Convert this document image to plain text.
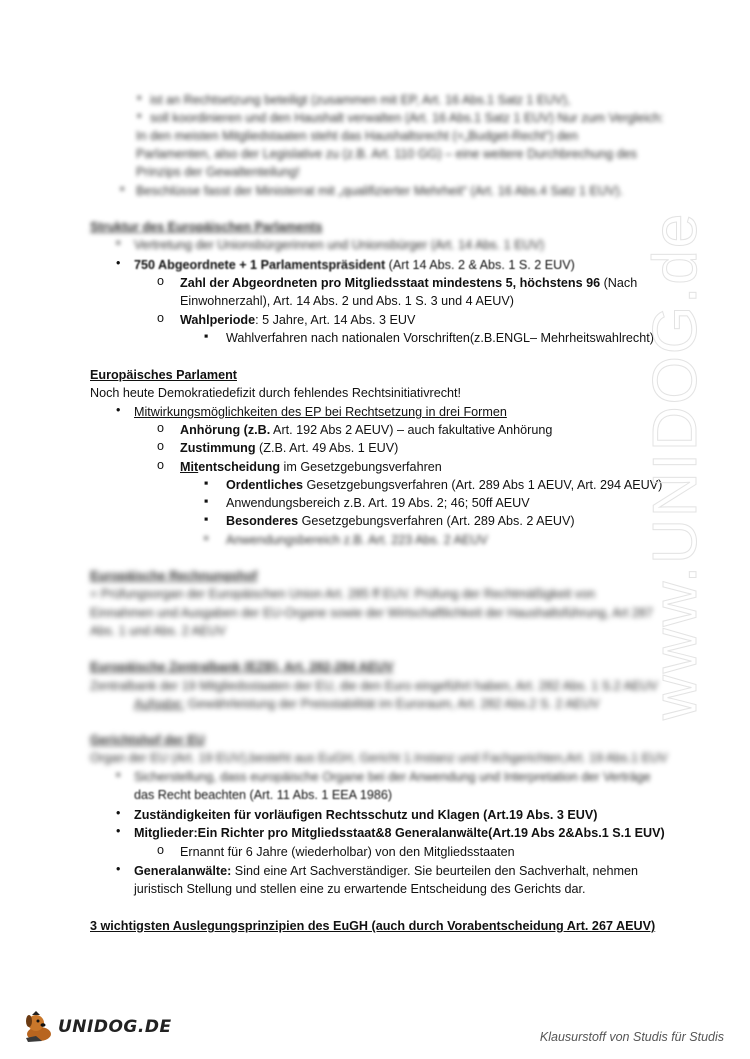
• ist an Rechtsetzung beteiligt (zusammen mit EP, Art. 16 Abs.1 Satz 1 EUV),
• soll koordinieren und den Haushalt verwalten (Art. 16 Abs.1 Satz 1 EUV) Nur zum Vergleich:
In den meisten Mitgliedstaaten steht das Haushaltsrecht (=„Budget-Recht“) den
Parlamenten, also der Legislative zu (z.B. Art. 110 GG) – eine weitere Durchbrechung des
Prinzips der Gewaltenteilung!
• Beschlüsse fasst der Ministerrat mit „qualifizierter Mehrheit“ (Art. 16 Abs.4 Satz 1 EUV).
Struktur des Europäischen Parlaments
• Vertretung der Unionsbürgerinnen und Unionsbürger (Art. 14 Abs. 1 EUV)
• 750 Abgeordnete + 1 Parlamentspräsident (Art 14 Abs. 2 & Abs. 1 S. 2 EUV)
o Zahl der Abgeordneten pro Mitgliedsstaat mindestens 5, höchstens 96 (Nach
Einwohnerzahl), Art. 14 Abs. 2 und Abs. 1 S. 3 und 4 AEUV)
o Wahlperiode: 5 Jahre, Art. 14 Abs. 3 EUV
▪ Wahlverfahren nach nationalen Vorschriften(z.B.ENGL– Mehrheitswahlrecht)
Europäisches Parlament
Noch heute Demokratiedefizit durch fehlendes Rechtsinitiativrecht!
• Mitwirkungsmöglichkeiten des EP bei Rechtsetzung in drei Formen
o Anhörung (z.B. Art. 192 Abs 2 AEUV) – auch fakultative Anhörung
o Zustimmung (Z.B. Art. 49 Abs. 1 EUV)
o Mitentscheidung im Gesetzgebungsverfahren
▪ Ordentliches Gesetzgebungsverfahren (Art. 289 Abs 1 AEUV, Art. 294 AEUV)
▪ Anwendungsbereich z.B. Art. 19 Abs. 2; 46; 50ff AEUV
▪ Besonderes Gesetzgebungsverfahren (Art. 289 Abs. 2 AEUV)
▪ Anwendungsbereich z.B. Art. 223 Abs. 2 AEUV
Europäische Rechnungshof
= Prüfungsorgan der Europäischen Union Art. 285 ff EUV. Prüfung der Rechtmäßigkeit von
Einnahmen und Ausgaben der EU-Organe sowie der Wirtschaftlichkeit der Haushaltsführung, Art 287
Abs. 1 und Abs. 2 AEUV
Europäische Zentralbank (EZB), Art. 282-284 AEUV
Zentralbank der 19 Mitgliedsstaaten der EU, die den Euro eingeführt haben, Art. 282 Abs. 1 S.2 AEUV
Aufgabe: Gewährleistung der Preisstabilität im Euroraum, Art. 282 Abs.2 S. 2 AEUV
Gerichtshof der EU
Organ der EU (Art. 19 EUV),besteht aus EuGH, Gericht 1.Instanz und Fachgerichten,Art. 19 Abs.1 EUV
• Sicherstellung, dass europäische Organe bei der Anwendung und Interpretation der Verträge
das Recht beachten (Art. 11 Abs. 1 EEA 1986)
• Zuständigkeiten für vorläufigen Rechtsschutz und Klagen (Art.19 Abs. 3 EUV)
• Mitglieder:Ein Richter pro Mitgliedsstaat&8 Generalanwälte(Art.19 Abs 2&Abs.1 S.1 EUV)
o Ernannt für 6 Jahre (wiederholbar) von den Mitgliedsstaaten
• Generalanwälte: Sind eine Art Sachverständiger. Sie beurteilen den Sachverhalt, nehmen
juristisch Stellung und stellen eine zu erwartende Entscheidung des Gerichts dar.
3 wichtigsten Auslegungsprinzipien des EuGH (auch durch Vorabentscheidung Art. 267 AEUV)
www.UNIDOG.de
UNIDOG.DE	Klausurstoff von Studis für Studis
